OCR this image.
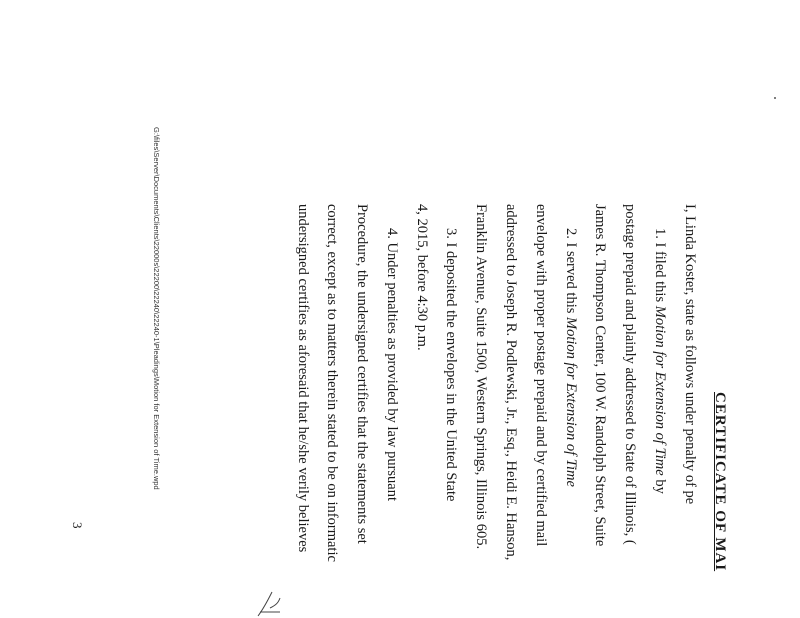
CERTIFICATE OF MAI
I, Linda Koster, state as follows under penalty of pe
1. I filed this Motion for Extension of Time by
postage prepaid and plainly addressed to State of Illinois, (
James R. Thompson Center, 100 W. Randolph Street, Suite
2. I served this Motion for Extension of Time
envelope with proper postage prepaid and by certified mail
addressed to Joseph R. Podlewski, Jr., Esq., Heidi E. Hanson,
Franklin Avenue, Suite 1500, Western Springs, Illinois 605.
3. I deposited the envelopes in the United State
4, 2015, before 4:30 p.m.
4. Under penalties as provided by law pursuant
Procedure, the undersigned certifies that the statements set
correct, except as to matters therein stated to be on informatic
undersigned certifies as aforesaid that he/she verily believes
G:\files\Server\Documents\Clients\22000s\22200\22240\22240-1\Pleadings\Motion for Extension of Time.wpd
3
